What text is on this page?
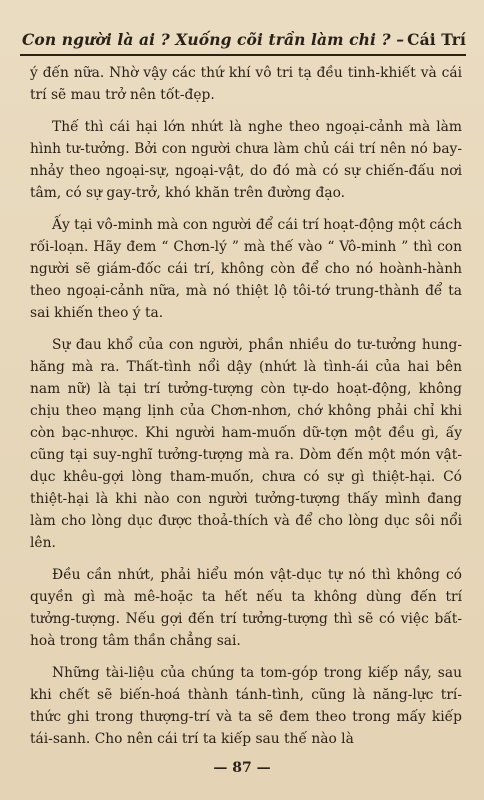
Con người là ai ? Xuống cõi trần làm chi ? – Cái Trí

ý đến nữa. Nhờ vậy các thứ khí vô tri tạ đều tinh-khiết và cái trí sẽ mau trở nên tốt-đẹp.

Thế thì cái hại lớn nhứt là nghe theo ngoại-cảnh mà làm hình tư-tưởng. Bởi con người chưa làm chủ cái trí nên nó bay-nhảy theo ngoại-sự, ngoại-vật, do đó mà có sự chiến-đấu nơi tâm, có sự gay-trở, khó khăn trên đường đạo.

Ấy tại vô-minh mà con người để cái trí hoạt-động một cách rối-loạn. Hãy đem “ Chơn-lý ” mà thế vào “ Vô-minh ” thì con người sẽ giám-đốc cái trí, không còn để cho nó hoành-hành theo ngoại-cảnh nữa, mà nó thiệt lộ tôi-tớ trung-thành để ta sai khiến theo ý ta.

Sự đau khổ của con người, phần nhiều do tư-tưởng hung-hăng mà ra. Thất-tình nổi dậy (nhứt là tình-ái của hai bên nam nữ) là tại trí tưởng-tượng còn tự-do hoạt-động, không chịu theo mạng lịnh của Chơn-nhơn, chớ không phải chỉ khi còn bạc-nhược. Khi người ham-muốn dữ-tợn một đều gì, ấy cũng tại suy-nghĩ tưởng-tượng mà ra. Dòm đến một món vật-dục khêu-gợi lòng tham-muốn, chưa có sự gì thiệt-hại. Có thiệt-hại là khi nào con người tưởng-tượng thấy mình đang làm cho lòng dục được thoả-thích và để cho lòng dục sôi nổi lên.

Đều cần nhứt, phải hiểu món vật-dục tự nó thì không có quyền gì mà mê-hoặc ta hết nếu ta không dùng đến trí tưởng-tượng. Nếu gợi đến trí tưởng-tượng thì sẽ có việc bất-hoà trong tâm thần chẳng sai.

Những tài-liệu của chúng ta tom-góp trong kiếp nầy, sau khi chết sẽ biến-hoá thành tánh-tình, cũng là năng-lực trí-thức ghi trong thượng-trí và ta sẽ đem theo trong mấy kiếp tái-sanh. Cho nên cái trí ta kiếp sau thế nào là

— 87 —
